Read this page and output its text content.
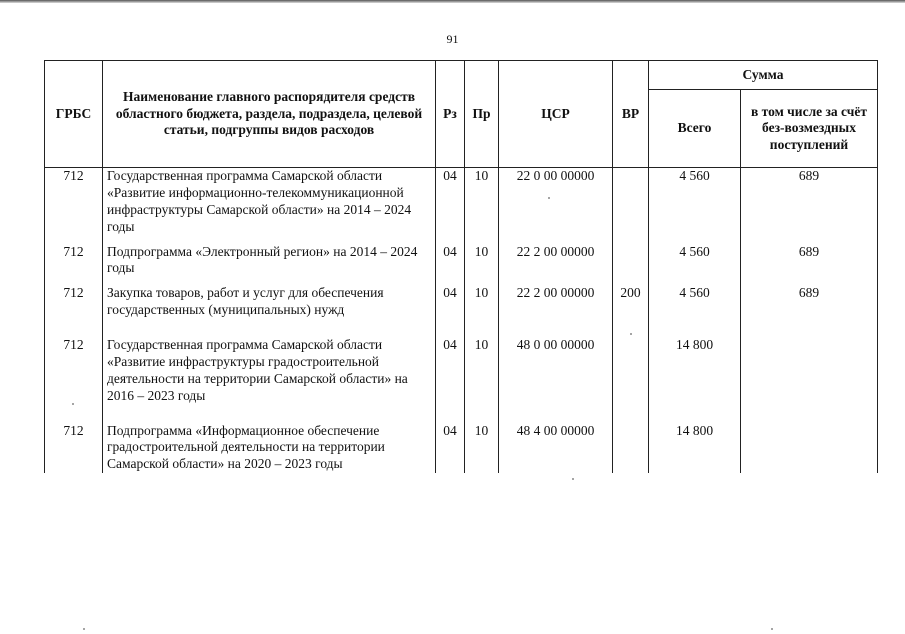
91
ГРБС	Наименование главного распорядителя средств областного бюджета, раздела, подраздела, целевой статьи, подгруппы видов расходов	Рз	Пр	ЦСР	ВР	Сумма	
						Всего	в том числе за счёт без-возмездных поступлений
712	Государственная программа Самарской области «Развитие информационно-телекоммуникационной инфраструктуры Самарской области» на 2014 – 2024 годы	04	10	22 0 00 00000		4 560	689
712	Подпрограмма «Электронный регион» на 2014 – 2024 годы	04	10	22 2 00 00000		4 560	689
712	Закупка товаров, работ и услуг для обеспечения государственных (муниципальных) нужд	04	10	22 2 00 00000	200	4 560	689
712	Государственная программа Самарской области «Развитие инфраструктуры градостроительной деятельности на территории Самарской области» на 2016 – 2023 годы	04	10	48 0 00 00000		14 800	
712	Подпрограмма «Информационное обеспечение градостроительной деятельности на территории Самарской области» на 2020 – 2023 годы	04	10	48 4 00 00000		14 800	
